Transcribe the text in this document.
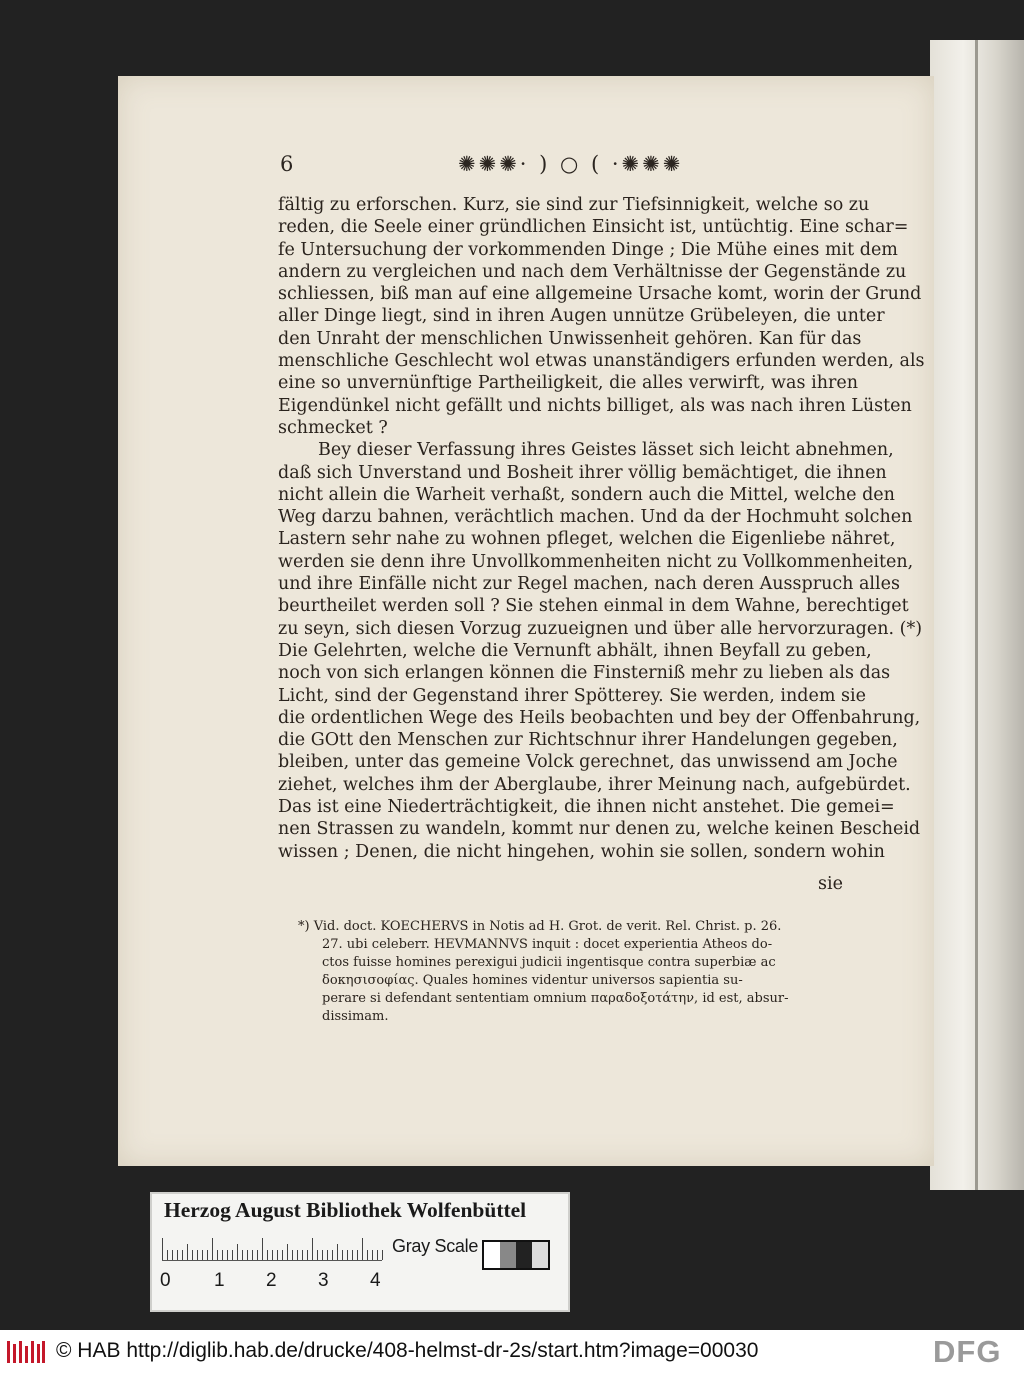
6	✺✺✺· ) ○ ( ·✺✺✺
fältig zu erforschen. Kurz, sie sind zur Tiefsinnigkeit, welche so zu
reden, die Seele einer gründlichen Einsicht ist, untüchtig. Eine schar=
fe Untersuchung der vorkommenden Dinge ; Die Mühe eines mit dem
andern zu vergleichen und nach dem Verhältnisse der Gegenstände zu
schliessen, biß man auf eine allgemeine Ursache komt, worin der Grund
aller Dinge liegt, sind in ihren Augen unnütze Grübeleyen, die unter
den Unraht der menschlichen Unwissenheit gehören. Kan für das
menschliche Geschlecht wol etwas unanständigers erfunden werden, als
eine so unvernünftige Partheiligkeit, die alles verwirft, was ihren
Eigendünkel nicht gefällt und nichts billiget, als was nach ihren Lüsten
schmecket ?
Bey dieser Verfassung ihres Geistes lässet sich leicht abnehmen,
daß sich Unverstand und Bosheit ihrer völlig bemächtiget, die ihnen
nicht allein die Warheit verhaßt, sondern auch die Mittel, welche den
Weg darzu bahnen, verächtlich machen. Und da der Hochmuht solchen
Lastern sehr nahe zu wohnen pfleget, welchen die Eigenliebe nähret,
werden sie denn ihre Unvollkommenheiten nicht zu Vollkommenheiten,
und ihre Einfälle nicht zur Regel machen, nach deren Ausspruch alles
beurtheilet werden soll ? Sie stehen einmal in dem Wahne, berechtiget
zu seyn, sich diesen Vorzug zuzueignen und über alle hervorzuragen. (*)
Die Gelehrten, welche die Vernunft abhält, ihnen Beyfall zu geben,
noch von sich erlangen können die Finsterniß mehr zu lieben als das
Licht, sind der Gegenstand ihrer Spötterey. Sie werden, indem sie
die ordentlichen Wege des Heils beobachten und bey der Offenbahrung,
die GOtt den Menschen zur Richtschnur ihrer Handelungen gegeben,
bleiben, unter das gemeine Volck gerechnet, das unwissend am Joche
ziehet, welches ihm der Aberglaube, ihrer Meinung nach, aufgebürdet.
Das ist eine Niederträchtigkeit, die ihnen nicht anstehet. Die gemei=
nen Strassen zu wandeln, kommt nur denen zu, welche keinen Bescheid
wissen ; Denen, die nicht hingehen, wohin sie sollen, sondern wohin
sie
*) Vid. doct. KOECHERVS in Notis ad H. Grot. de verit. Rel. Christ. p. 26.
27. ubi celeberr. HEVMANNVS inquit : docet experientia Atheos do-
ctos fuisse homines perexigui judicii ingentisque contra superbiæ ac
δοκησισοφίας. Quales homines videntur universos sapientia su-
perare si defendant sententiam omnium παραδοξοτάτην, id est, absur-
dissimam.
Herzog August Bibliothek Wolfenbüttel
0 1 2 3 4
Gray Scale
© HAB http://diglib.hab.de/drucke/408-helmst-dr-2s/start.htm?image=00030	DFG
